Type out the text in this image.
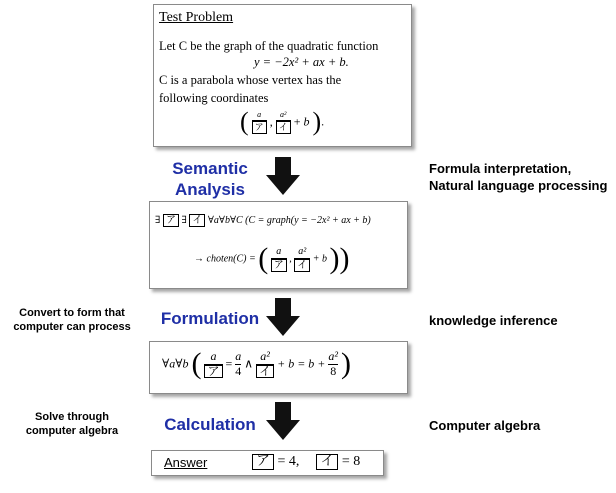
Test Problem
Let C be the graph of the quadratic function
y = −2x² + ax + b.
C is a parabola whose vertex has the
following coordinates
( $\frac{a}{\text{ア}}$ , $\frac{\text{a²}}{\text{イ}} + b$ ).
Semantic
Analysis
Formula interpretation,
Natural language processing
∃ ア ∃ イ ∀a∀b∀C (C = graph(y = −2x² + ax + b)
→ choten(C) = ( $\frac{a}{\text{ア}}$ , $\frac{\text{a²}}{\text{イ}} + b$ ))
Convert to form that
computer can process	Formulation	knowledge inference
∀a∀b ( $\frac{a}{\text{ア}} = \frac{a}{4}$ ∧ $\frac{\text{a²}}{\text{イ}} + b = b + \frac{\text{a²}}{8}$ )
Solve through
computer algebra	Calculation	Computer algebra
Answer	ア = 4, イ = 8
